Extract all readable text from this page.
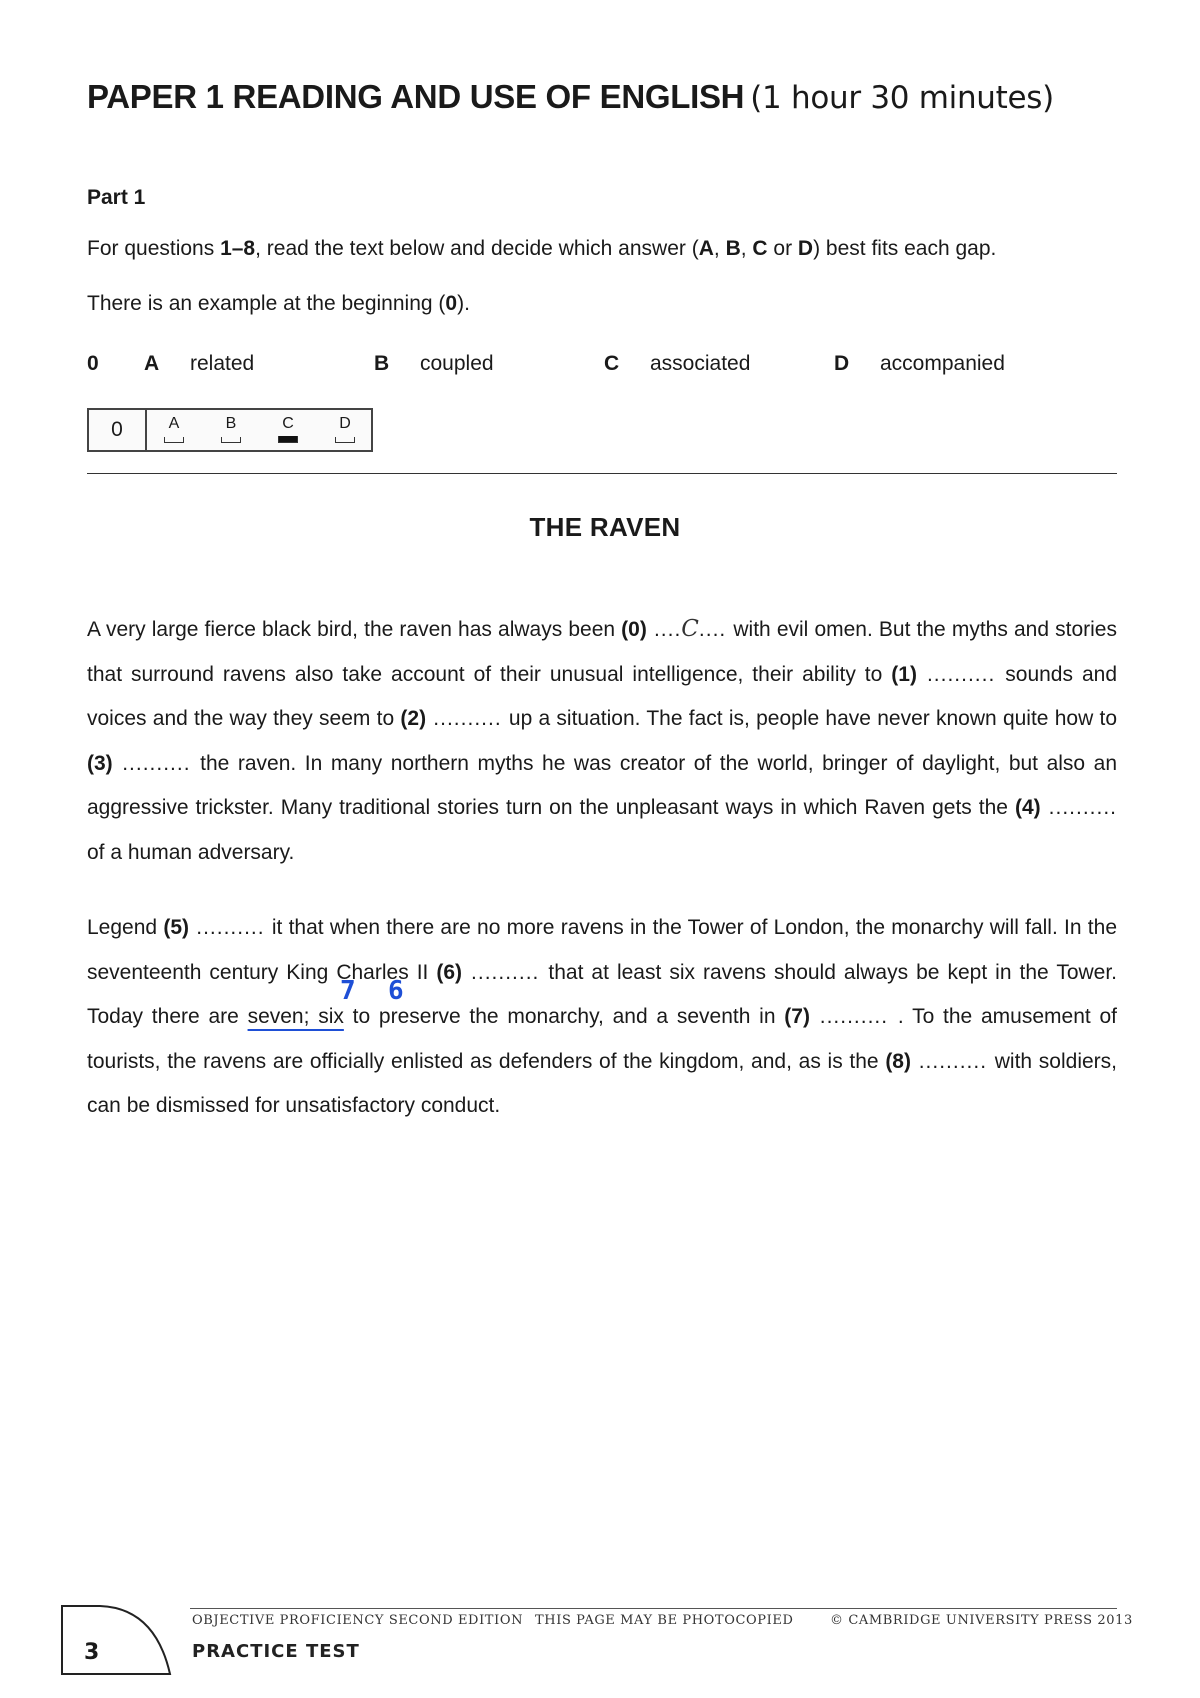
PAPER 1 READING AND USE OF ENGLISH (1 hour 30 minutes)
Part 1
For questions 1–8, read the text below and decide which answer (A, B, C or D) best fits each gap.
There is an example at the beginning (0).
0 A related	B coupled	C associated	D accompanied
0	A	B	C	D
THE RAVEN

A very large fierce black bird, the raven has always been (0) ....C.... with evil omen. But the myths and stories that surround ravens also take account of their unusual intelligence, their ability to (1) .......... sounds and voices and the way they seem to (2) .......... up a situation. The fact is, people have never known quite how to (3) .......... the raven. In many northern myths he was creator of the world, bringer of daylight, but also an aggressive trickster. Many traditional stories turn on the unpleasant ways in which Raven gets the (4) .......... of a human adversary.

Legend (5) .......... it that when there are no more ravens in the Tower of London, the monarchy will fall. In the seventeenth century King Charles II (6) .......... that at least six ravens should always be kept in the Tower. Today there are seven; six to preserve the monarchy, and a seventh in (7) .......... . To the amusement of tourists, the ravens are officially enlisted as defenders of the kingdom, and, as is the (8) .......... with soldiers, can be dismissed for unsatisfactory conduct.

7 6
3
OBJECTIVE PROFICIENCY SECOND EDITION THIS PAGE MAY BE PHOTOCOPIED	© CAMBRIDGE UNIVERSITY PRESS 2013
PRACTICE TEST
